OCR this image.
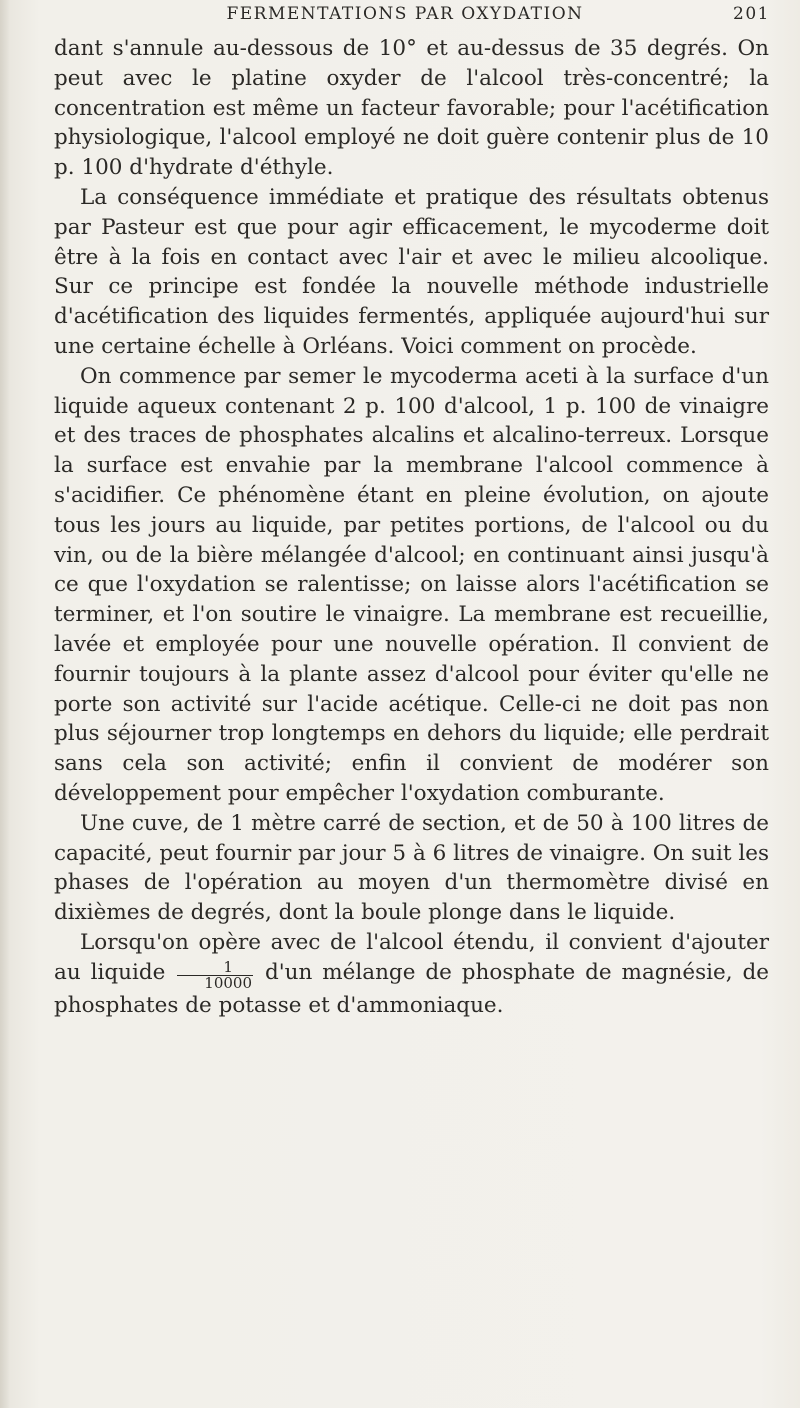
FERMENTATIONS PAR OXYDATION	201

dant s'annule au-dessous de 10° et au-dessus de 35 degrés. On peut avec le platine oxyder de l'alcool très-concentré; la concentration est même un facteur favorable; pour l'acétification physiologique, l'alcool employé ne doit guère contenir plus de 10 p. 100 d'hydrate d'éthyle.

La conséquence immédiate et pratique des résultats obtenus par Pasteur est que pour agir efficacement, le mycoderme doit être à la fois en contact avec l'air et avec le milieu alcoolique. Sur ce principe est fondée la nouvelle méthode industrielle d'acétification des liquides fermentés, appliquée aujourd'hui sur une certaine échelle à Orléans. Voici comment on procède.

On commence par semer le mycoderma aceti à la surface d'un liquide aqueux contenant 2 p. 100 d'alcool, 1 p. 100 de vinaigre et des traces de phosphates alcalins et alcalino-terreux. Lorsque la surface est envahie par la membrane l'alcool commence à s'acidifier. Ce phénomène étant en pleine évolution, on ajoute tous les jours au liquide, par petites portions, de l'alcool ou du vin, ou de la bière mélangée d'alcool; en continuant ainsi jusqu'à ce que l'oxydation se ralentisse; on laisse alors l'acétification se terminer, et l'on soutire le vinaigre. La membrane est recueillie, lavée et employée pour une nouvelle opération. Il convient de fournir toujours à la plante assez d'alcool pour éviter qu'elle ne porte son activité sur l'acide acétique. Celle-ci ne doit pas non plus séjourner trop longtemps en dehors du liquide; elle perdrait sans cela son activité; enfin il convient de modérer son développement pour empêcher l'oxydation comburante.

Une cuve, de 1 mètre carré de section, et de 50 à 100 litres de capacité, peut fournir par jour 5 à 6 litres de vinaigre. On suit les phases de l'opération au moyen d'un thermomètre divisé en dixièmes de degrés, dont la boule plonge dans le liquide.

Lorsqu'on opère avec de l'alcool étendu, il convient d'ajouter au liquide $\frac{1}{10000} d'un$ mélange de phosphate de magnésie, de phosphates de potasse et d'ammoniaque.
